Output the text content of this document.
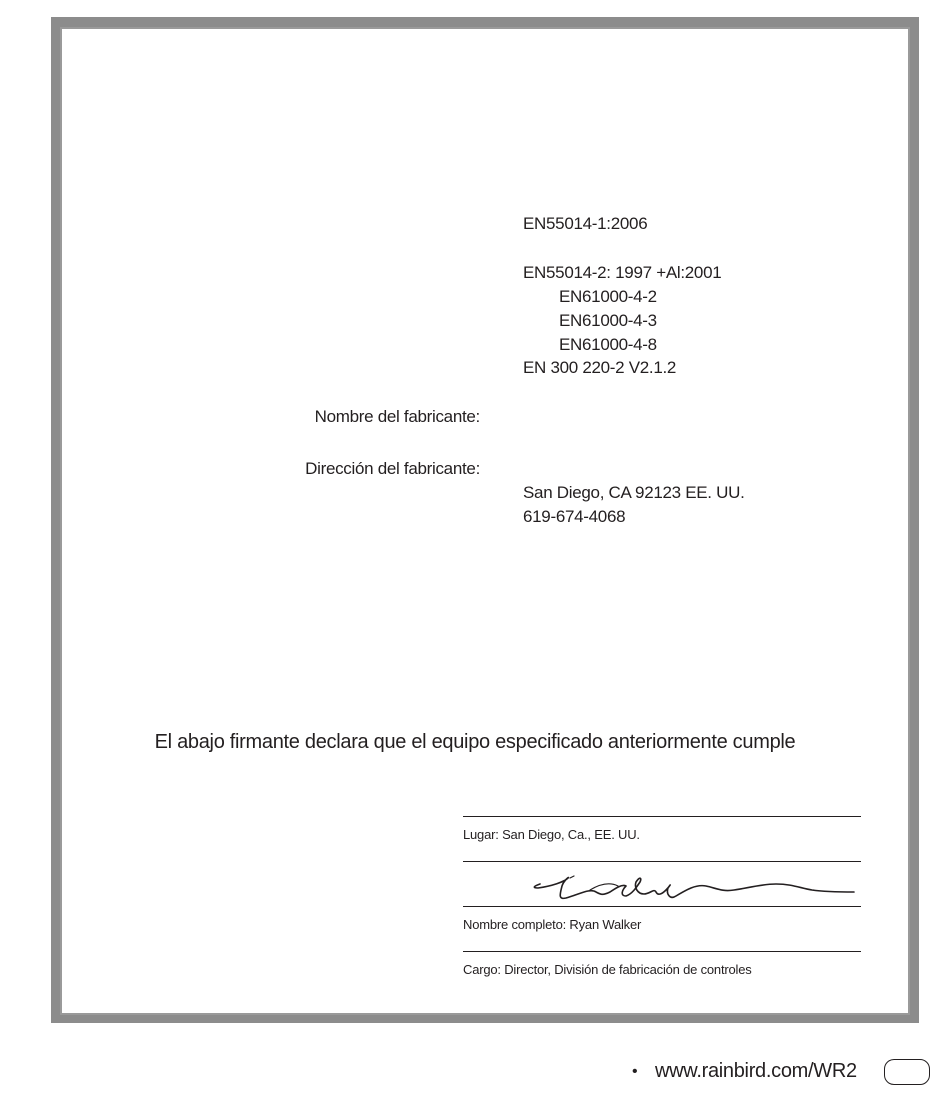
EN55014-1:2006
EN55014-2: 1997 +Al:2001
EN61000-4-2
EN61000-4-3
EN61000-4-8
EN 300 220-2 V2.1.2
Nombre del fabricante:
Dirección del fabricante:
San Diego, CA 92123 EE. UU.
619-674-4068
El abajo firmante declara que el equipo especificado anteriormente cumple
Lugar: San Diego, Ca., EE. UU.
Nombre completo: Ryan Walker
Cargo: Director, División de fabricación de controles
• www.rainbird.com/WR2
